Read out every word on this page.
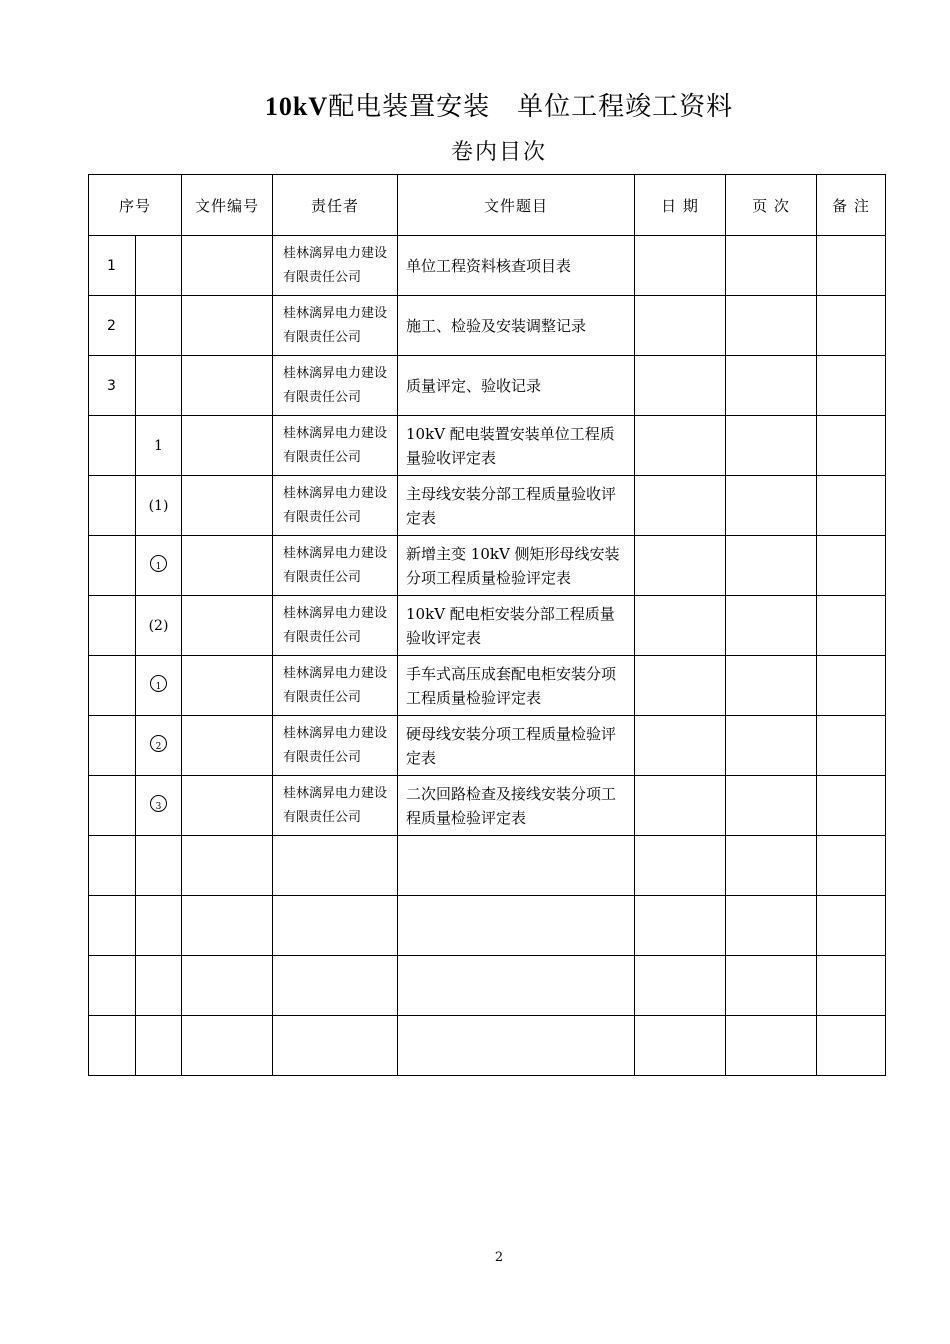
10kV配电装置安装　单位工程竣工资料
卷内目次
序号		文件编号	责任者	文件题目	日 期	页 次	备 注
1			桂林漓昇电力建设有限责任公司	单位工程资料核查项目表			
2			桂林漓昇电力建设有限责任公司	施工、检验及安装调整记录			
3			桂林漓昇电力建设有限责任公司	质量评定、验收记录			
	1		桂林漓昇电力建设有限责任公司	10kV 配电装置安装单位工程质量验收评定表			
	(1)		桂林漓昇电力建设有限责任公司	主母线安装分部工程质量验收评定表			
	1		桂林漓昇电力建设有限责任公司	新增主变 10kV 侧矩形母线安装分项工程质量检验评定表			
	(2)		桂林漓昇电力建设有限责任公司	10kV 配电柜安装分部工程质量验收评定表			
	1		桂林漓昇电力建设有限责任公司	手车式高压成套配电柜安装分项工程质量检验评定表			
	2		桂林漓昇电力建设有限责任公司	硬母线安装分项工程质量检验评定表			
	3		桂林漓昇电力建设有限责任公司	二次回路检查及接线安装分项工程质量检验评定表			

2
